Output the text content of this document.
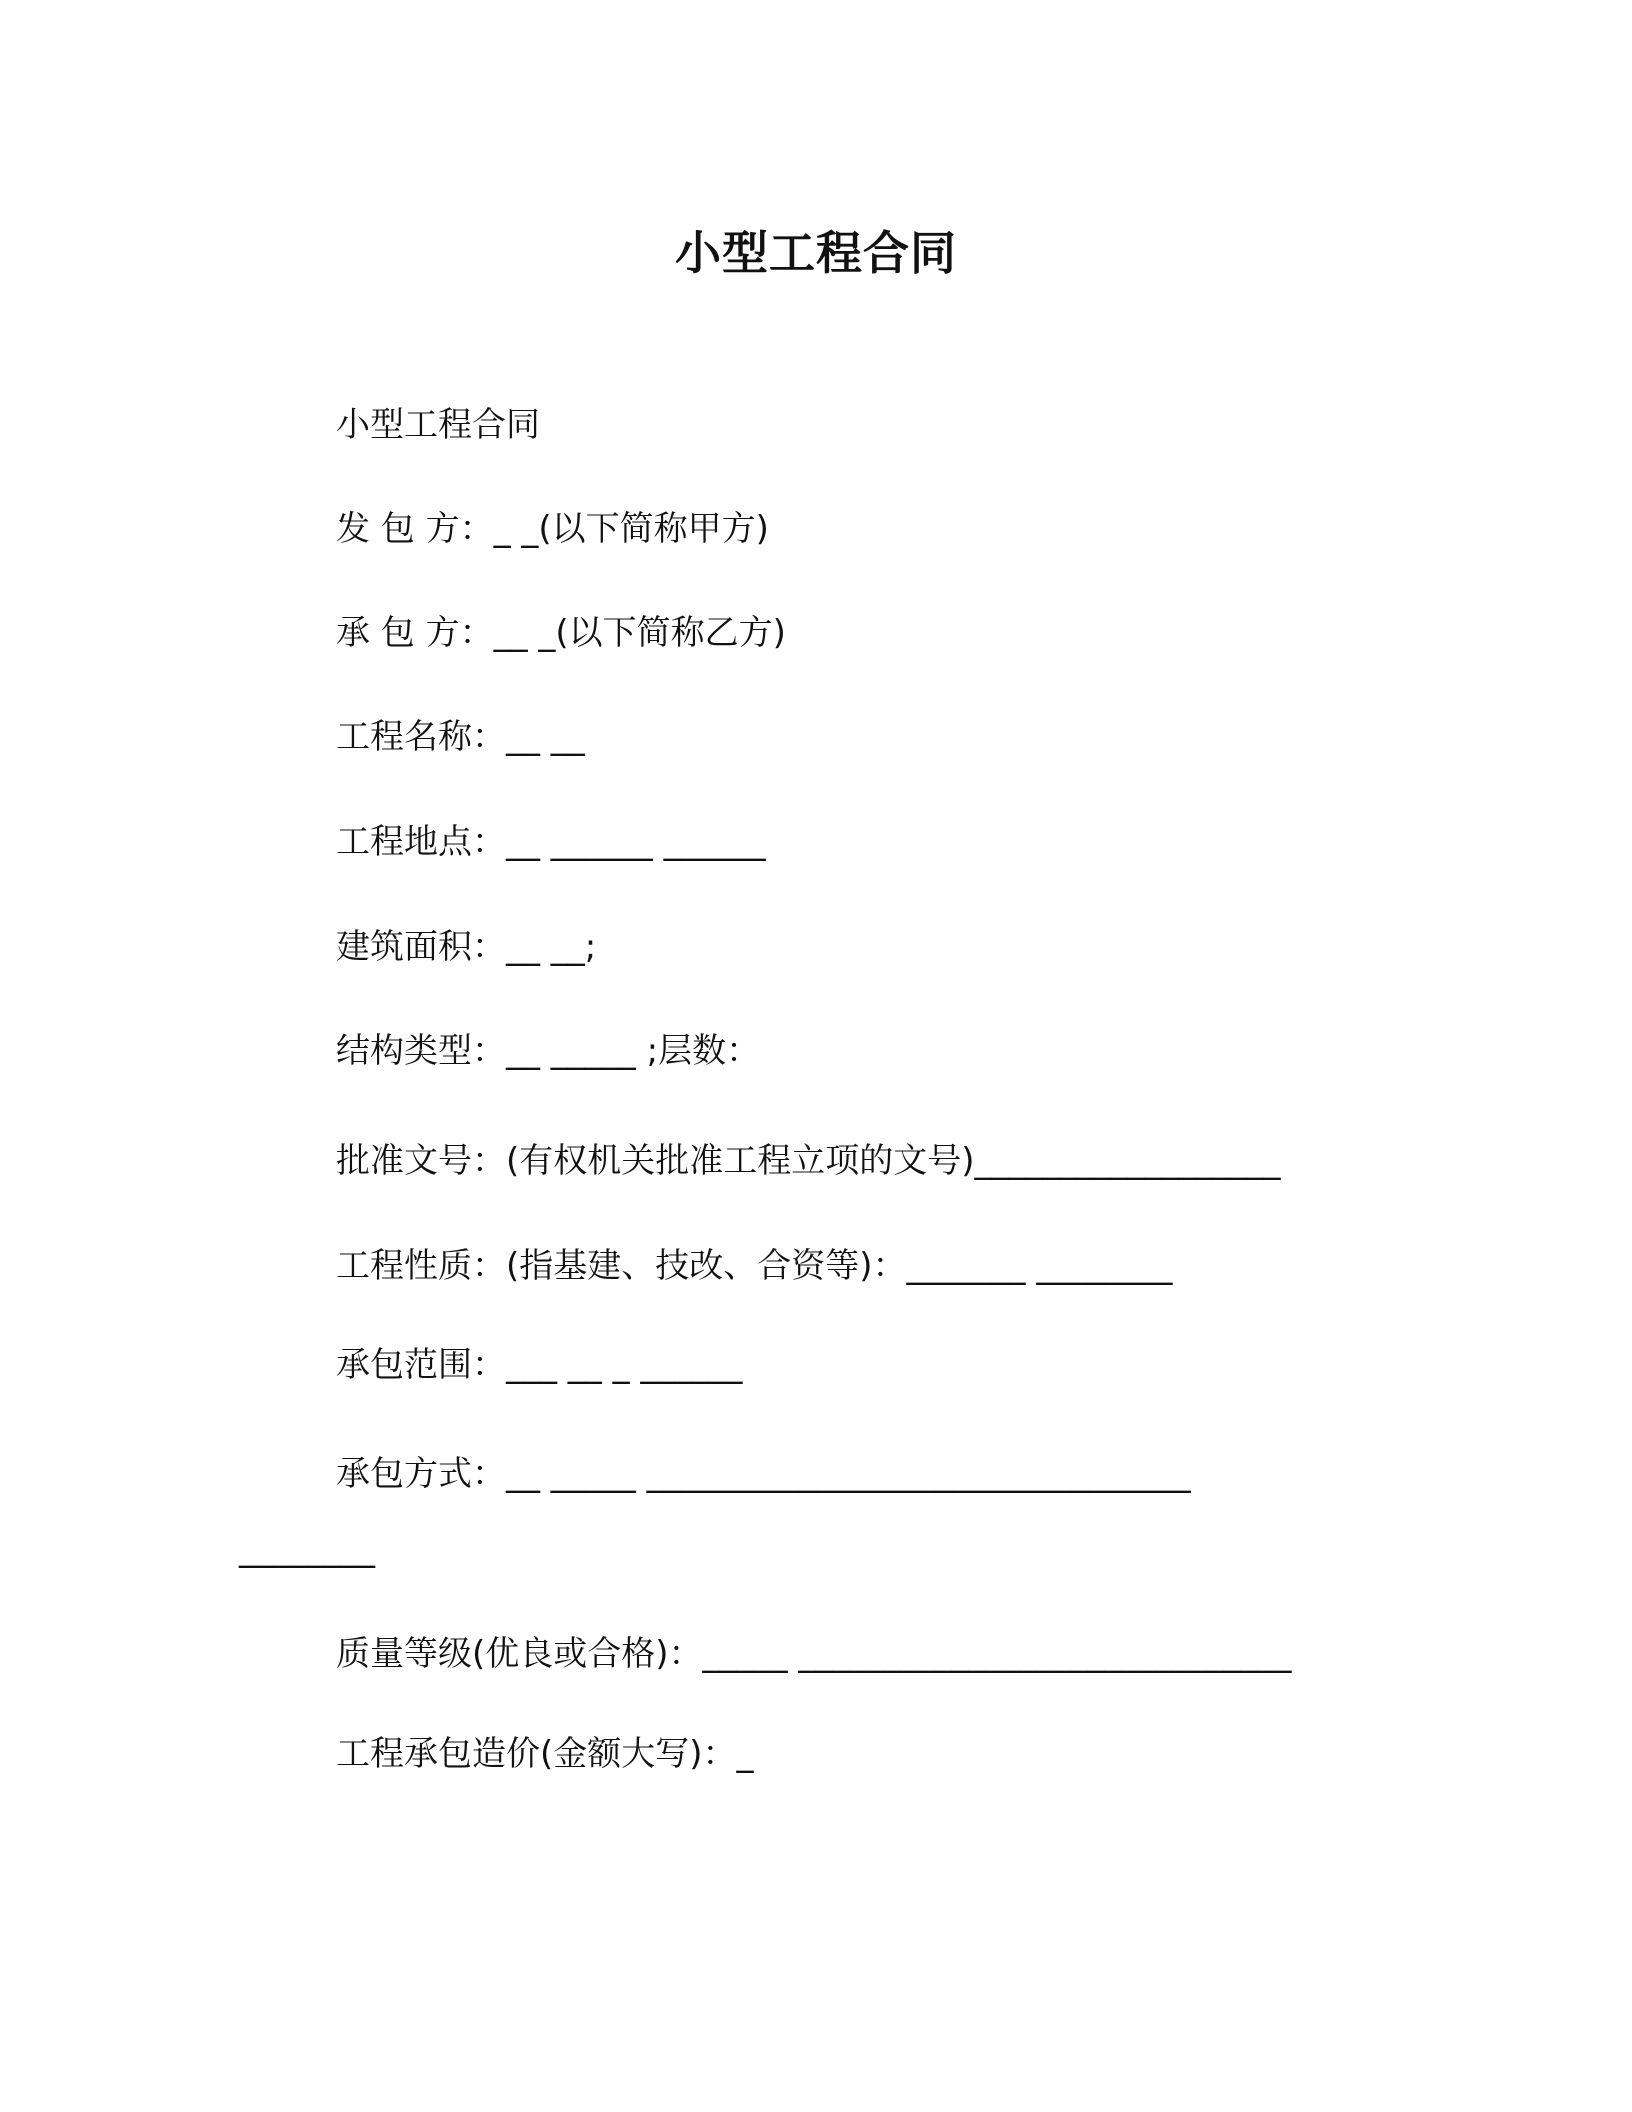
小型工程合同
小型工程合同
发 包 方：_ _(以下简称甲方)
承 包 方：__ _(以下简称乙方)
工程名称：__ __
工程地点：__ ______ ______
建筑面积：__ __;
结构类型：__ _____ ;层数：
批准文号：(有权机关批准工程立项的文号)__________________
工程性质：(指基建、技改、合资等)：_______ ________
承包范围：___ __ _ ______
承包方式：__ _____ ________________________________
________
质量等级(优良或合格)：_____ _____________________________
工程承包造价(金额大写)：_
